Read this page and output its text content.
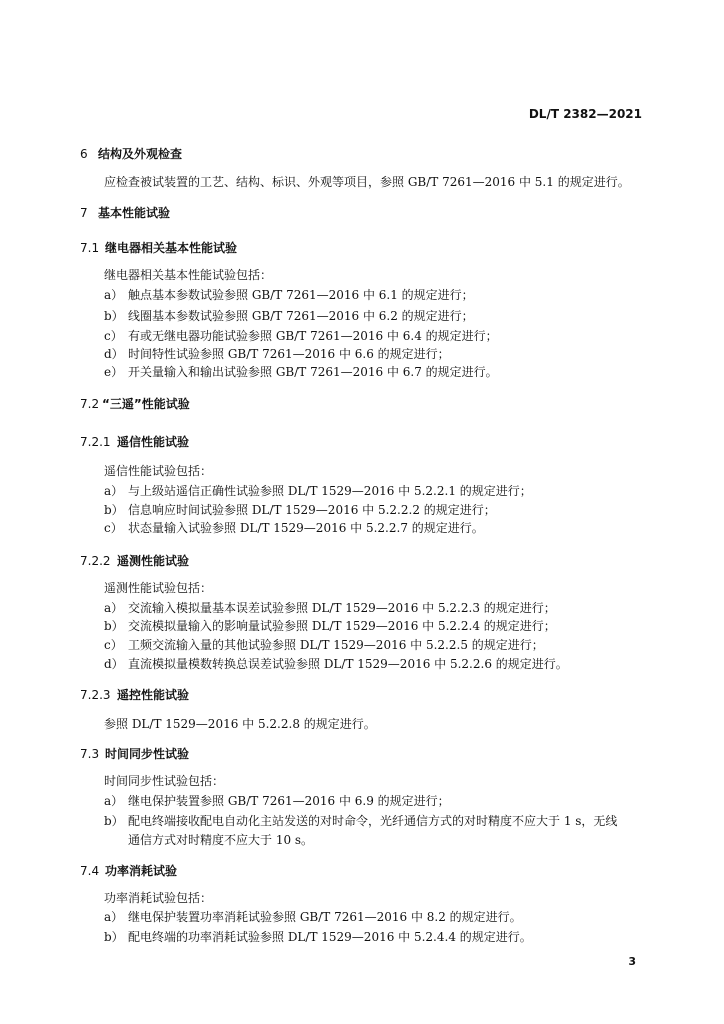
DL/T 2382—2021
6 结构及外观检查
应检查被试装置的工艺、结构、标识、外观等项目，参照 GB/T 7261—2016 中 5.1 的规定进行。
7 基本性能试验
7.1 继电器相关基本性能试验
继电器相关基本性能试验包括：
a） 触点基本参数试验参照 GB/T 7261—2016 中 6.1 的规定进行；
b） 线圈基本参数试验参照 GB/T 7261—2016 中 6.2 的规定进行；
c） 有或无继电器功能试验参照 GB/T 7261—2016 中 6.4 的规定进行；
d） 时间特性试验参照 GB/T 7261—2016 中 6.6 的规定进行；
e） 开关量输入和输出试验参照 GB/T 7261—2016 中 6.7 的规定进行。
7.2 “三遥”性能试验
7.2.1 遥信性能试验
遥信性能试验包括：
a） 与上级站遥信正确性试验参照 DL/T 1529—2016 中 5.2.2.1 的规定进行；
b） 信息响应时间试验参照 DL/T 1529—2016 中 5.2.2.2 的规定进行；
c） 状态量输入试验参照 DL/T 1529—2016 中 5.2.2.7 的规定进行。
7.2.2 遥测性能试验
遥测性能试验包括：
a） 交流输入模拟量基本误差试验参照 DL/T 1529—2016 中 5.2.2.3 的规定进行；
b） 交流模拟量输入的影响量试验参照 DL/T 1529—2016 中 5.2.2.4 的规定进行；
c） 工频交流输入量的其他试验参照 DL/T 1529—2016 中 5.2.2.5 的规定进行；
d） 直流模拟量模数转换总误差试验参照 DL/T 1529—2016 中 5.2.2.6 的规定进行。
7.2.3 遥控性能试验
参照 DL/T 1529—2016 中 5.2.2.8 的规定进行。
7.3 时间同步性试验
时间同步性试验包括：
a） 继电保护装置参照 GB/T 7261—2016 中 6.9 的规定进行；
b） 配电终端接收配电自动化主站发送的对时命令，光纤通信方式的对时精度不应大于 1 s，无线
通信方式对时精度不应大于 10 s。
7.4 功率消耗试验
功率消耗试验包括：
a） 继电保护装置功率消耗试验参照 GB/T 7261—2016 中 8.2 的规定进行。
b） 配电终端的功率消耗试验参照 DL/T 1529—2016 中 5.2.4.4 的规定进行。
3
